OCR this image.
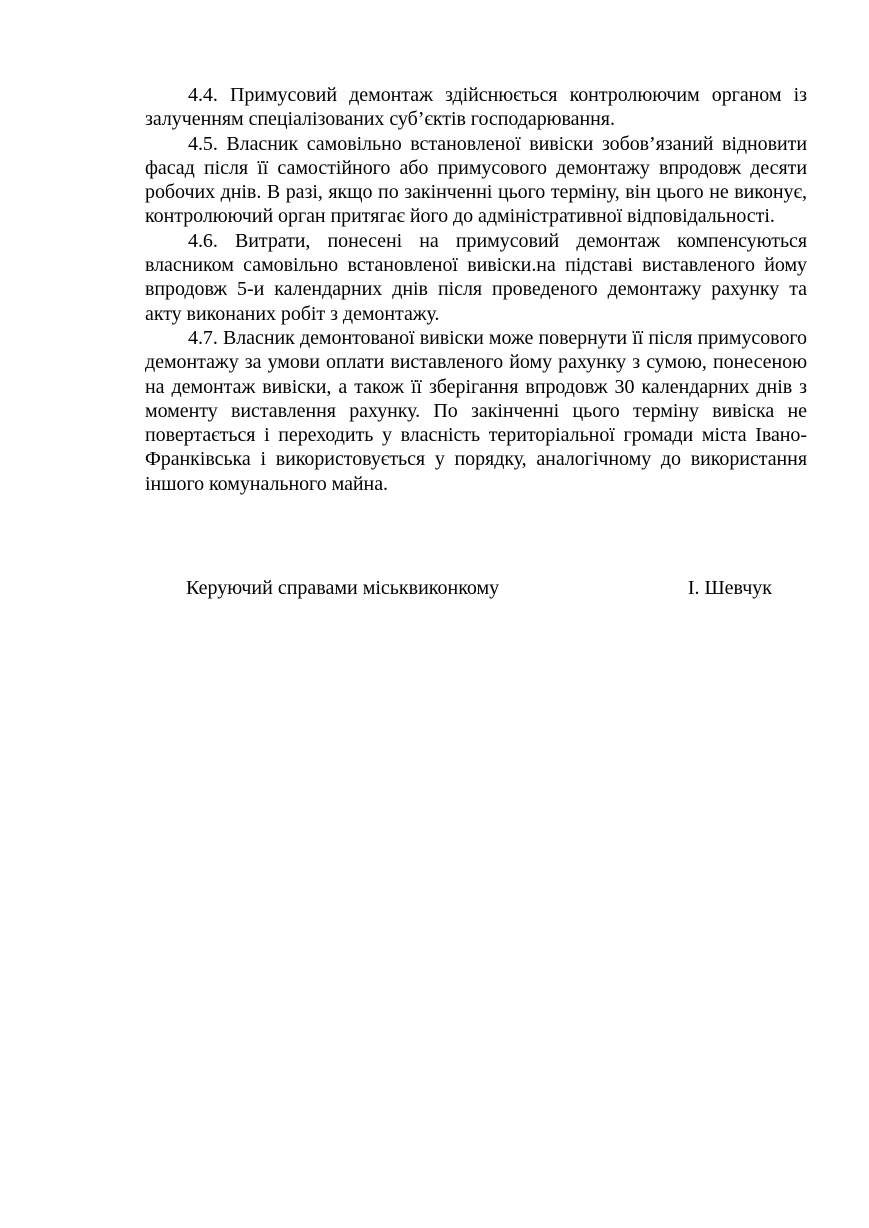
4.4. Примусовий демонтаж здійснюється контролюючим органом із залученням спеціалізованих суб’єктів господарювання.

4.5. Власник самовільно встановленої вивіски зобов’язаний відновити фасад після її самостійного або примусового демонтажу впродовж десяти робочих днів. В разі, якщо по закінченні цього терміну, він цього не виконує, контролюючий орган притягає його до адміністративної відповідальності.

4.6. Витрати, понесені на примусовий демонтаж компенсуються власником самовільно встановленої вивіски.на підставі виставленого йому впродовж 5-и календарних днів після проведеного демонтажу рахунку та акту виконаних робіт з демонтажу.

4.7. Власник демонтованої вивіски може повернути її після примусового демонтажу за умови оплати виставленого йому рахунку з сумою, понесеною на демонтаж вивіски, а також її зберігання впродовж 30 календарних днів з моменту виставлення рахунку. По закінченні цього терміну вивіска не повертається і переходить у власність територіальної громади міста Івано-Франківська і використовується у порядку, аналогічному до використання іншого комунального майна.

Керуючий справами міськвиконкому	І. Шевчук
